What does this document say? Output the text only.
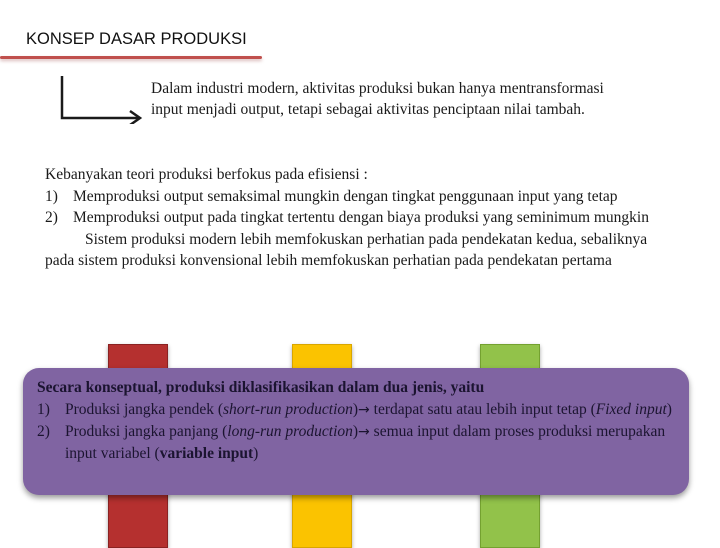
KONSEP DASAR PRODUKSI
Dalam industri modern, aktivitas produksi bukan hanya mentransformasi input menjadi output, tetapi sebagai aktivitas penciptaan nilai tambah.

Kebanyakan teori produksi berfokus pada efisiensi :

1) Memproduksi output semaksimal mungkin dengan tingkat penggunaan input yang tetap
2) Memproduksi output pada tingkat tertentu dengan biaya produksi yang seminimum mungkin

Sistem produksi modern lebih memfokuskan perhatian pada pendekatan kedua, sebaliknya pada sistem produksi konvensional lebih memfokuskan perhatian pada pendekatan pertama

Secara konseptual, produksi diklasifikasikan dalam dua jenis, yaitu

1) Produksi jangka pendek (short-run production)→ terdapat satu atau lebih input tetap (Fixed input)
2) Produksi jangka panjang (long-run production)→ semua input dalam proses produksi merupakan input variabel (variable input)
